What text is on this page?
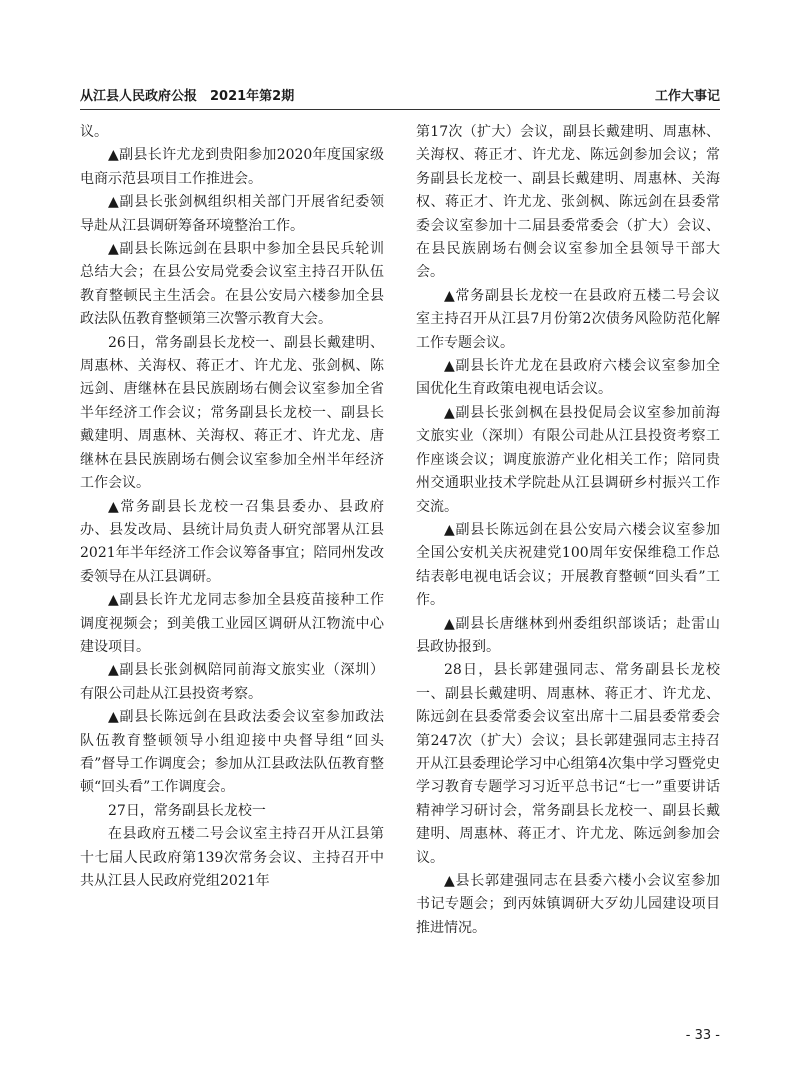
从江县人民政府公报　2021年第2期	工作大事记

议。

▲副县长许尤龙到贵阳参加2020年度国家级电商示范县项目工作推进会。

▲副县长张剑枫组织相关部门开展省纪委领导赴从江县调研筹备环境整治工作。

▲副县长陈远剑在县职中参加全县民兵轮训总结大会；在县公安局党委会议室主持召开队伍教育整顿民主生活会。在县公安局六楼参加全县政法队伍教育整顿第三次警示教育大会。

26日，常务副县长龙校一、副县长戴建明、周惠林、关海权、蒋正才、许尤龙、张剑枫、陈远剑、唐继林在县民族剧场右侧会议室参加全省半年经济工作会议；常务副县长龙校一、副县长戴建明、周惠林、关海权、蒋正才、许尤龙、唐继林在县民族剧场右侧会议室参加全州半年经济工作会议。

▲常务副县长龙校一召集县委办、县政府办、县发改局、县统计局负责人研究部署从江县2021年半年经济工作会议筹备事宜；陪同州发改委领导在从江县调研。

▲副县长许尤龙同志参加全县疫苗接种工作调度视频会；到美俄工业园区调研从江物流中心建设项目。

▲副县长张剑枫陪同前海文旅实业（深圳）有限公司赴从江县投资考察。

▲副县长陈远剑在县政法委会议室参加政法队伍教育整顿领导小组迎接中央督导组“回头看”督导工作调度会；参加从江县政法队伍教育整顿“回头看”工作调度会。

27日，常务副县长龙校一

在县政府五楼二号会议室主持召开从江县第十七届人民政府第139次常务会议、主持召开中共从江县人民政府党组2021年

第17次（扩大）会议，副县长戴建明、周惠林、关海权、蒋正才、许尤龙、陈远剑参加会议；常务副县长龙校一、副县长戴建明、周惠林、关海权、蒋正才、许尤龙、张剑枫、陈远剑在县委常委会议室参加十二届县委常委会（扩大）会议、在县民族剧场右侧会议室参加全县领导干部大会。

▲常务副县长龙校一在县政府五楼二号会议室主持召开从江县7月份第2次债务风险防范化解工作专题会议。

▲副县长许尤龙在县政府六楼会议室参加全国优化生育政策电视电话会议。

▲副县长张剑枫在县投促局会议室参加前海文旅实业（深圳）有限公司赴从江县投资考察工作座谈会议；调度旅游产业化相关工作；陪同贵州交通职业技术学院赴从江县调研乡村振兴工作交流。

▲副县长陈远剑在县公安局六楼会议室参加全国公安机关庆祝建党100周年安保维稳工作总结表彰电视电话会议；开展教育整顿“回头看”工作。

▲副县长唐继林到州委组织部谈话；赴雷山县政协报到。

28日，县长郭建强同志、常务副县长龙校一、副县长戴建明、周惠林、蒋正才、许尤龙、陈远剑在县委常委会议室出席十二届县委常委会第247次（扩大）会议；县长郭建强同志主持召开从江县委理论学习中心组第4次集中学习暨党史学习教育专题学习习近平总书记“七一”重要讲话精神学习研讨会，常务副县长龙校一、副县长戴建明、周惠林、蒋正才、许尤龙、陈远剑参加会议。

▲县长郭建强同志在县委六楼小会议室参加书记专题会；到丙妹镇调研大歹幼儿园建设项目推进情况。

- 33 -
